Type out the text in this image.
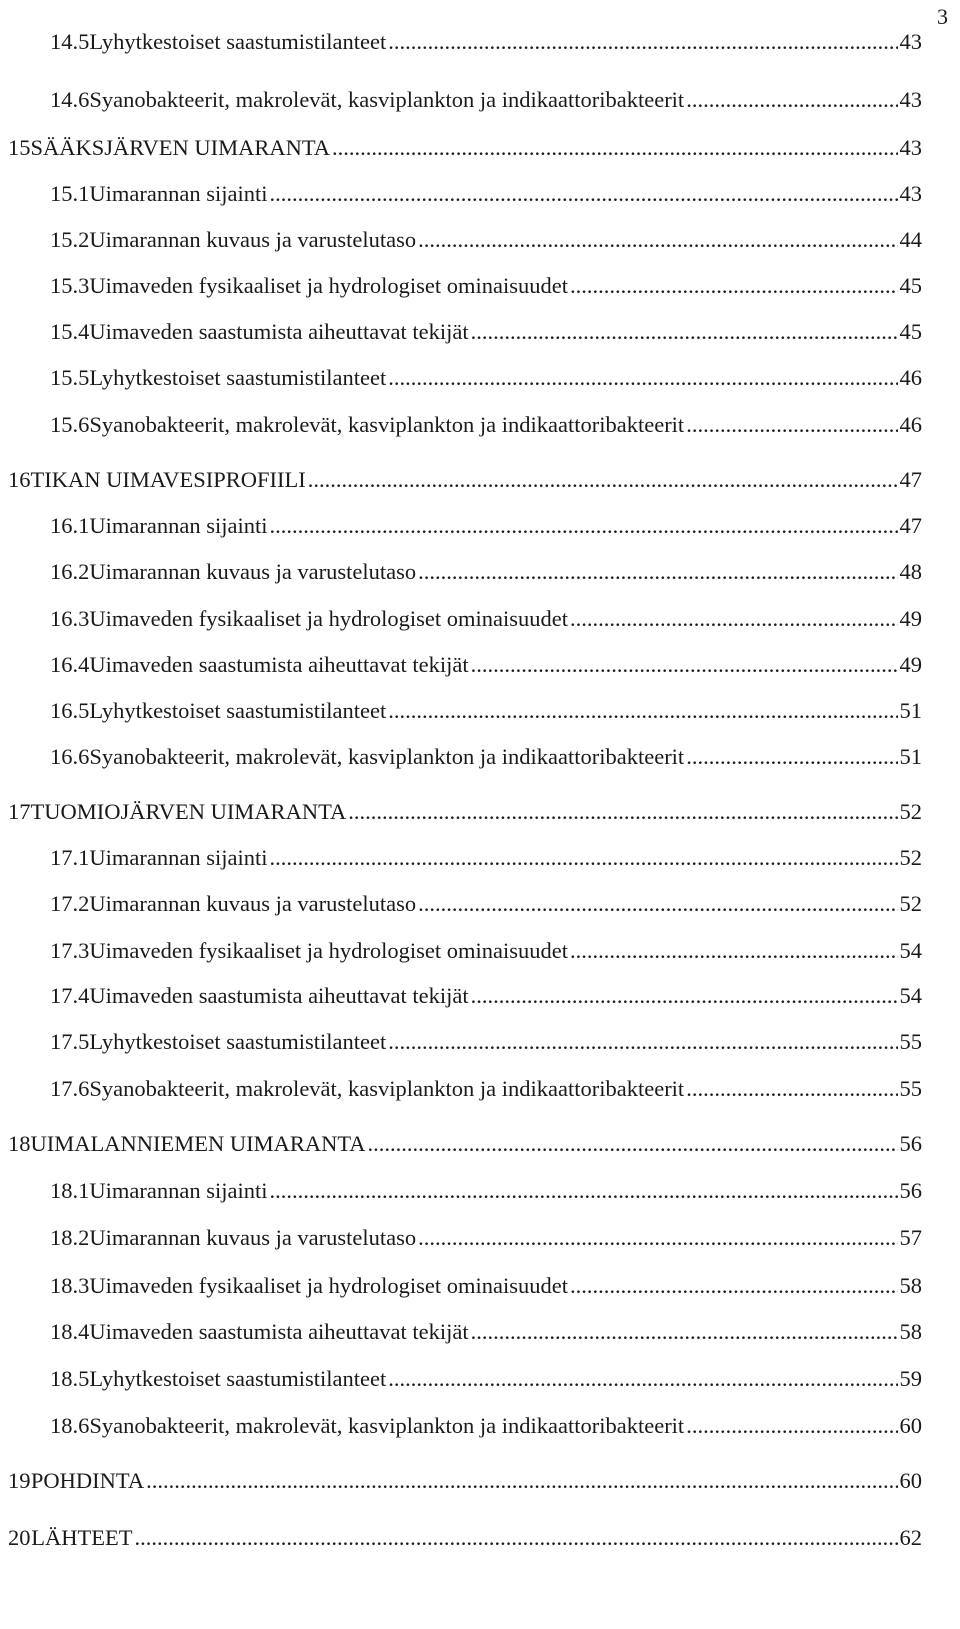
3
14.5 Lyhytkestoiset saastumistilanteet .....	43
14.6 Syanobakteerit, makrolevät, kasviplankton ja indikaattoribakteerit .....	43
15 SÄÄKSJÄRVEN UIMARANTA .....	43
15.1 Uimarannan sijainti .....	43
15.2 Uimarannan kuvaus ja varustelutaso .....	44
15.3 Uimaveden fysikaaliset ja hydrologiset ominaisuudet .....	45
15.4 Uimaveden saastumista aiheuttavat tekijät .....	45
15.5 Lyhytkestoiset saastumistilanteet .....	46
15.6 Syanobakteerit, makrolevät, kasviplankton ja indikaattoribakteerit .....	46
16 TIKAN UIMAVESIPROFIILI .....	47
16.1 Uimarannan sijainti .....	47
16.2 Uimarannan kuvaus ja varustelutaso .....	48
16.3 Uimaveden fysikaaliset ja hydrologiset ominaisuudet .....	49
16.4 Uimaveden saastumista aiheuttavat tekijät .....	49
16.5 Lyhytkestoiset saastumistilanteet .....	51
16.6 Syanobakteerit, makrolevät, kasviplankton ja indikaattoribakteerit .....	51
17 TUOMIOJÄRVEN UIMARANTA .....	52
17.1 Uimarannan sijainti .....	52
17.2 Uimarannan kuvaus ja varustelutaso .....	52
17.3 Uimaveden fysikaaliset ja hydrologiset ominaisuudet .....	54
17.4 Uimaveden saastumista aiheuttavat tekijät .....	54
17.5 Lyhytkestoiset saastumistilanteet .....	55
17.6 Syanobakteerit, makrolevät, kasviplankton ja indikaattoribakteerit .....	55
18 UIMALANNIEMEN UIMARANTA .....	56
18.1 Uimarannan sijainti .....	56
18.2 Uimarannan kuvaus ja varustelutaso .....	57
18.3 Uimaveden fysikaaliset ja hydrologiset ominaisuudet .....	58
18.4 Uimaveden saastumista aiheuttavat tekijät .....	58
18.5 Lyhytkestoiset saastumistilanteet .....	59
18.6 Syanobakteerit, makrolevät, kasviplankton ja indikaattoribakteerit .....	60
19 POHDINTA .....	60
20 LÄHTEET .....	62
